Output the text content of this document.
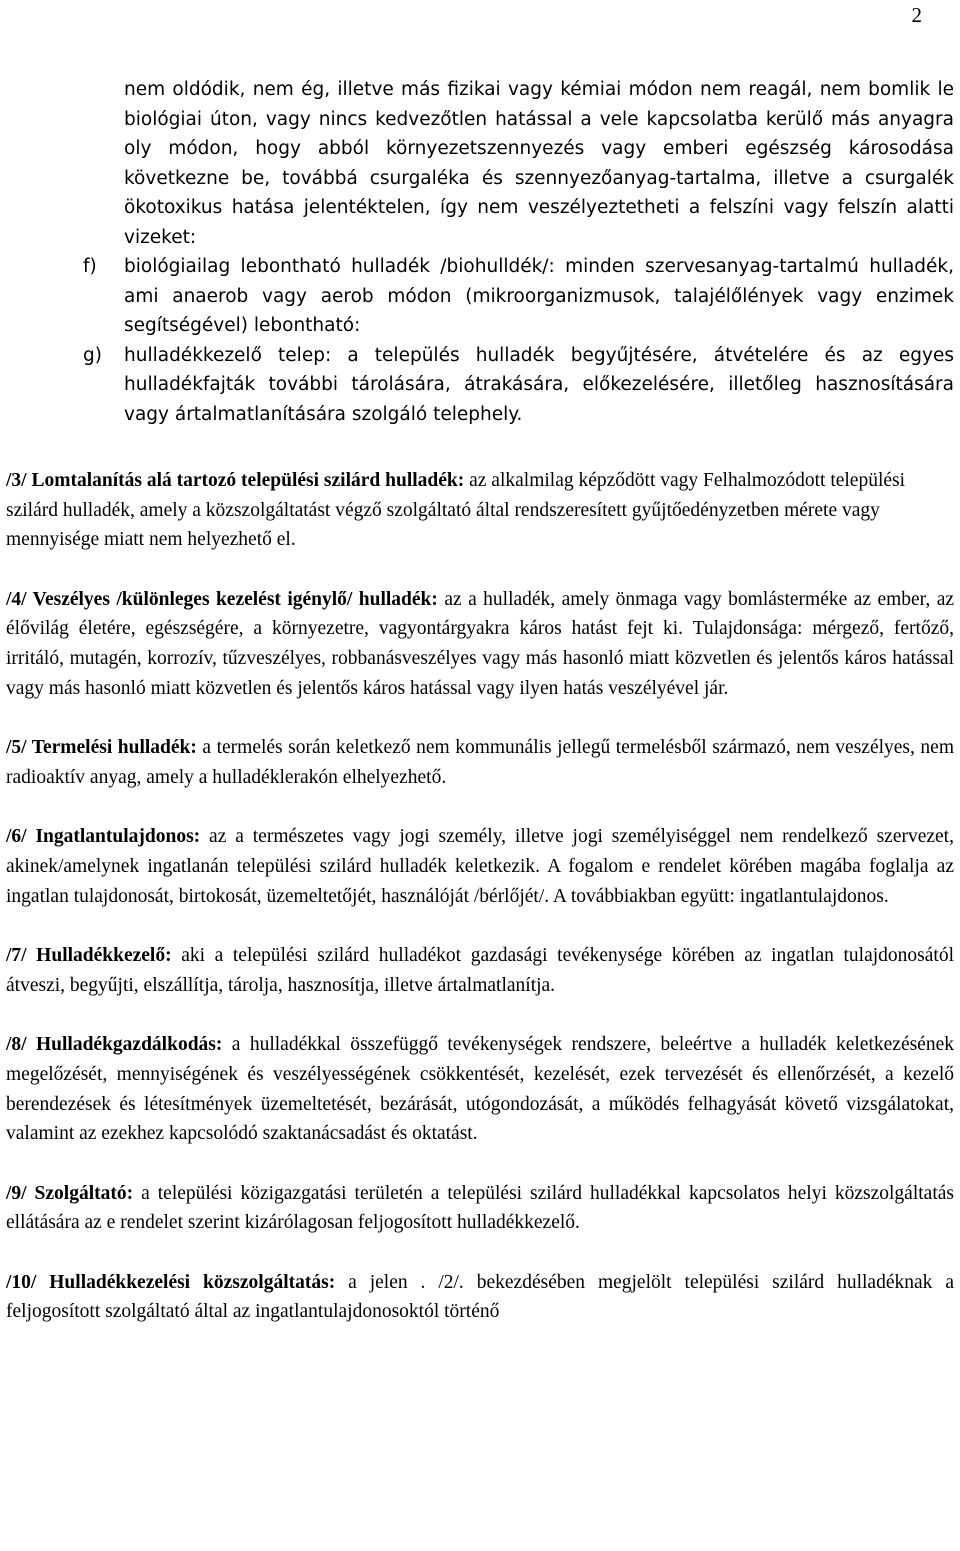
2

nem oldódik, nem ég, illetve más fizikai vagy kémiai módon nem reagál, nem bomlik le biológiai úton, vagy nincs kedvezőtlen hatással a vele kapcsolatba kerülő más anyagra oly módon, hogy abból környezetszennyezés vagy emberi egészség károsodása következne be, továbbá csurgaléka és szennyezőanyag-tartalma, illetve a csurgalék ökotoxikus hatása jelentéktelen, így nem veszélyeztetheti a felszíni vagy felszín alatti vizeket:

f) biológiailag lebontható hulladék /biohulldék/: minden szervesanyag-tartalmú hulladék, ami anaerob vagy aerob módon (mikroorganizmusok, talajélőlények vagy enzimek segítségével) lebontható:
g) hulladékkezelő telep: a település hulladék begyűjtésére, átvételére és az egyes hulladékfajták további tárolására, átrakására, előkezelésére, illetőleg hasznosítására vagy ártalmatlanítására szolgáló telephely.

/3/ Lomtalanítás alá tartozó települési szilárd hulladék: az alkalmilag képződött vagy Felhalmozódott települési szilárd hulladék, amely a közszolgáltatást végző szolgáltató által rendszeresített gyűjtőedényzetben mérete vagy mennyisége miatt nem helyezhető el.

/4/ Veszélyes /különleges kezelést igénylő/ hulladék: az a hulladék, amely önmaga vagy bomlásterméke az ember, az élővilág életére, egészségére, a környezetre, vagyontárgyakra káros hatást fejt ki. Tulajdonsága: mérgező, fertőző, irritáló, mutagén, korrozív, tűzveszélyes, robbanásveszélyes vagy más hasonló miatt közvetlen és jelentős káros hatással vagy más hasonló miatt közvetlen és jelentős káros hatással vagy ilyen hatás veszélyével jár.

/5/ Termelési hulladék: a termelés során keletkező nem kommunális jellegű termelésből származó, nem veszélyes, nem radioaktív anyag, amely a hulladéklerakón elhelyezhető.

/6/ Ingatlantulajdonos: az a természetes vagy jogi személy, illetve jogi személyiséggel nem rendelkező szervezet, akinek/amelynek ingatlanán települési szilárd hulladék keletkezik. A fogalom e rendelet körében magába foglalja az ingatlan tulajdonosát, birtokosát, üzemeltetőjét, használóját /bérlőjét/. A továbbiakban együtt: ingatlantulajdonos.

/7/ Hulladékkezelő: aki a települési szilárd hulladékot gazdasági tevékenysége körében az ingatlan tulajdonosától átveszi, begyűjti, elszállítja, tárolja, hasznosítja, illetve ártalmatlanítja.

/8/ Hulladékgazdálkodás: a hulladékkal összefüggő tevékenységek rendszere, beleértve a hulladék keletkezésének megelőzését, mennyiségének és veszélyességének csökkentését, kezelését, ezek tervezését és ellenőrzését, a kezelő berendezések és létesítmények üzemeltetését, bezárását, utógondozását, a működés felhagyását követő vizsgálatokat, valamint az ezekhez kapcsolódó szaktanácsadást és oktatást.

/9/ Szolgáltató: a települési közigazgatási területén a települési szilárd hulladékkal kapcsolatos helyi közszolgáltatás ellátására az e rendelet szerint kizárólagosan feljogosított hulladékkezelő.

/10/ Hulladékkezelési közszolgáltatás: a jelen . /2/. bekezdésében megjelölt települési szilárd hulladéknak a feljogosított szolgáltató által az ingatlantulajdonosoktól történő
